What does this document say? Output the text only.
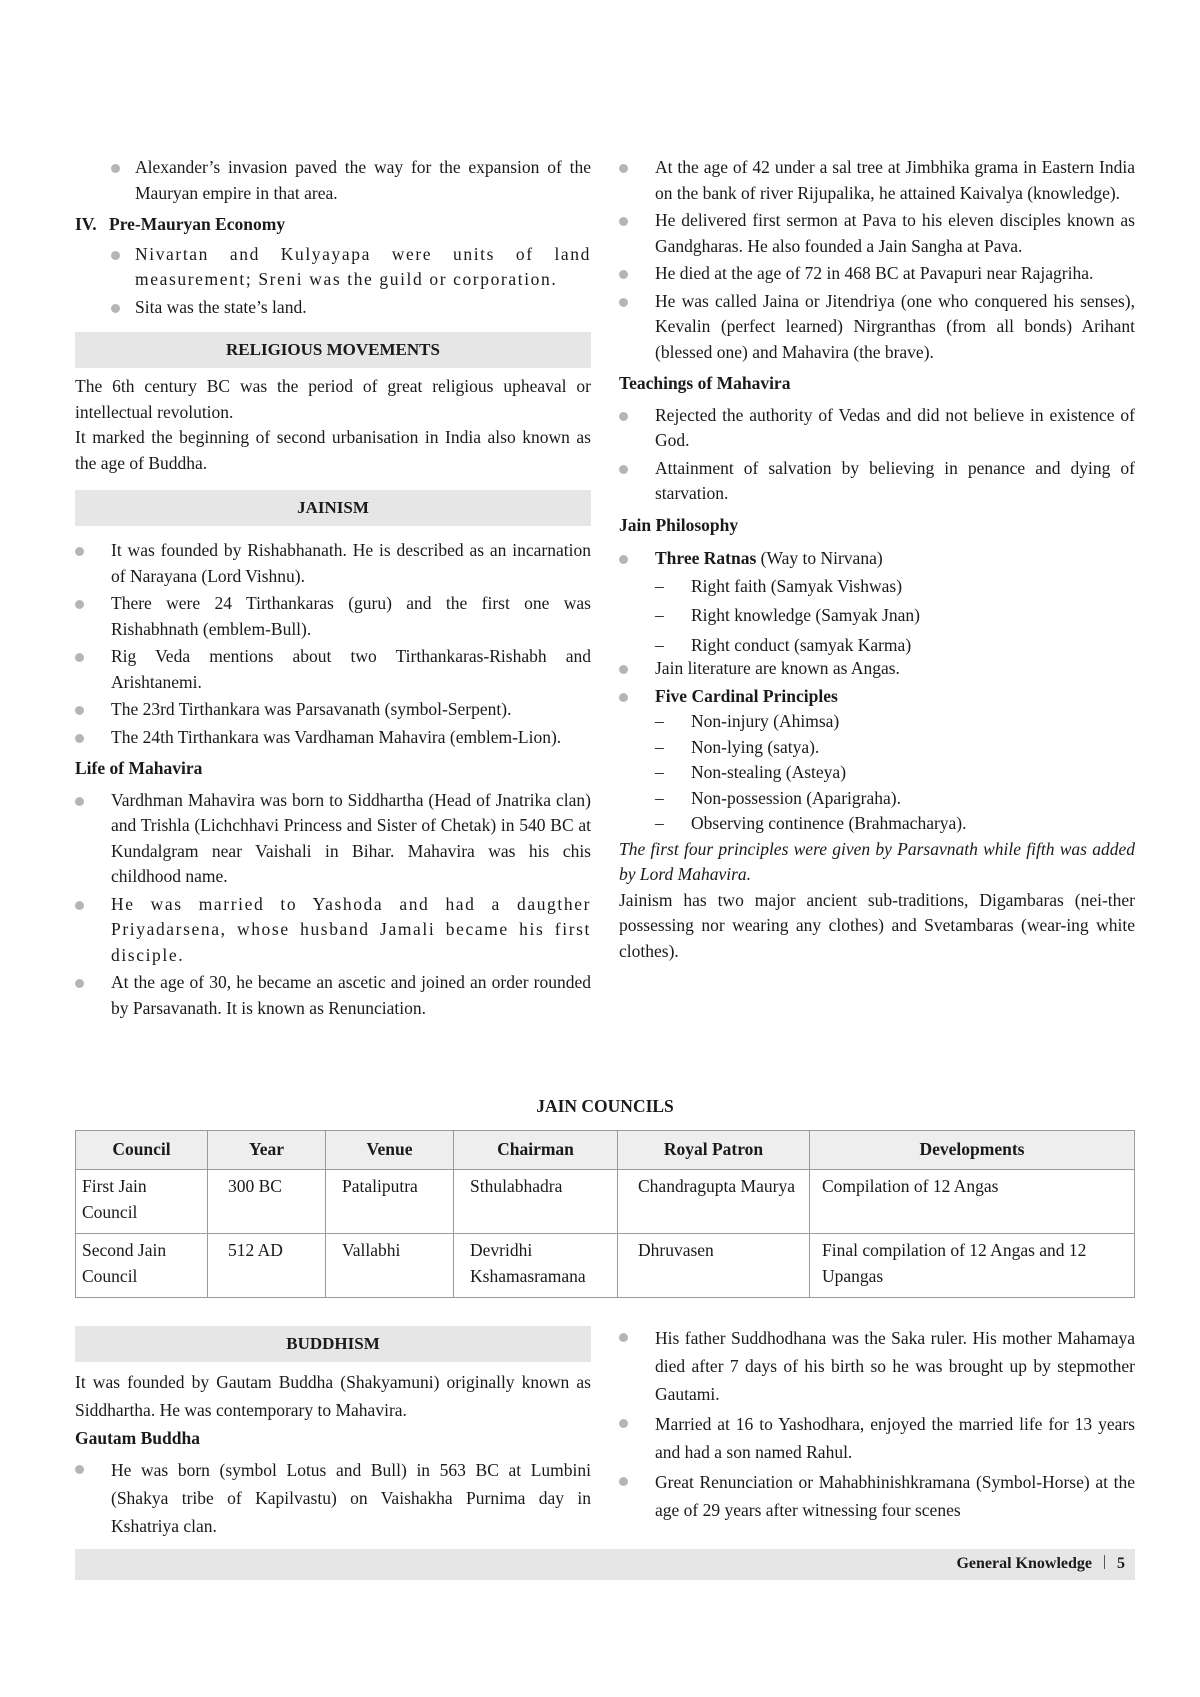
Alexander’s invasion paved the way for the expansion of the Mauryan empire in that area.
IV. Pre-Mauryan Economy
Nivartan and Kulyayapa were units of land measurement; Sreni was the guild or corporation.
Sita was the state’s land.
RELIGIOUS MOVEMENTS

The 6th century BC was the period of great religious upheaval or intellectual revolution.

It marked the beginning of second urbanisation in India also known as the age of Buddha.

JAINISM
It was founded by Rishabhanath. He is described as an incarnation of Narayana (Lord Vishnu).
There were 24 Tirthankaras (guru) and the first one was Rishabhnath (emblem-Bull).
Rig Veda mentions about two Tirthankaras-Rishabh and Arishtanemi.
The 23rd Tirthankara was Parsavanath (symbol-Serpent).
The 24th Tirthankara was Vardhaman Mahavira (emblem-Lion).
Life of Mahavira
Vardhman Mahavira was born to Siddhartha (Head of Jnatrika clan) and Trishla (Lichchhavi Princess and Sister of Chetak) in 540 BC at Kundalgram near Vaishali in Bihar. Mahavira was his chis childhood name.
He was married to Yashoda and had a daugther Priyadarsena, whose husband Jamali became his first disciple.
At the age of 30, he became an ascetic and joined an order rounded by Parsavanath. It is known as Renunciation.
At the age of 42 under a sal tree at Jimbhika grama in Eastern India on the bank of river Rijupalika, he attained Kaivalya (knowledge).
He delivered first sermon at Pava to his eleven disciples known as Gandgharas. He also founded a Jain Sangha at Pava.
He died at the age of 72 in 468 BC at Pavapuri near Rajagriha.
He was called Jaina or Jitendriya (one who conquered his senses), Kevalin (perfect learned) Nirgranthas (from all bonds) Arihant (blessed one) and Mahavira (the brave).
Teachings of Mahavira
Rejected the authority of Vedas and did not believe in existence of God.
Attainment of salvation by believing in penance and dying of starvation.
Jain Philosophy
Three Ratnas (Way to Nirvana)
– Right faith (Samyak Vishwas)
– Right knowledge (Samyak Jnan)
– Right conduct (samyak Karma)
Jain literature are known as Angas.
Five Cardinal Principles
– Non-injury (Ahimsa)
– Non-lying (satya).
– Non-stealing (Asteya)
– Non-possession (Aparigraha).
– Observing continence (Brahmacharya).

The first four principles were given by Parsavnath while fifth was added by Lord Mahavira.

Jainism has two major ancient sub-traditions, Digambaras (nei-ther possessing nor wearing any clothes) and Svetambaras (wear-ing white clothes).

JAIN COUNCILS
Council	Year	Venue	Chairman	Royal Patron	Developments
First Jain Council	300 BC	Pataliputra	Sthulabhadra	Chandragupta Maurya	Compilation of 12 Angas
Second Jain Council	512 AD	Vallabhi	Devridhi Kshamasramana	Dhruvasen	Final compilation of 12 Angas and 12 Upangas
BUDDHISM

It was founded by Gautam Buddha (Shakyamuni) originally known as Siddhartha. He was contemporary to Mahavira.

Gautam Buddha
He was born (symbol Lotus and Bull) in 563 BC at Lumbini (Shakya tribe of Kapilvastu) on Vaishakha Purnima day in Kshatriya clan.
His father Suddhodhana was the Saka ruler. His mother Mahamaya died after 7 days of his birth so he was brought up by stepmother Gautami.
Married at 16 to Yashodhara, enjoyed the married life for 13 years and had a son named Rahul.
Great Renunciation or Mahabhinishkramana (Symbol-Horse) at the age of 29 years after witnessing four scenes
General Knowledge 5
